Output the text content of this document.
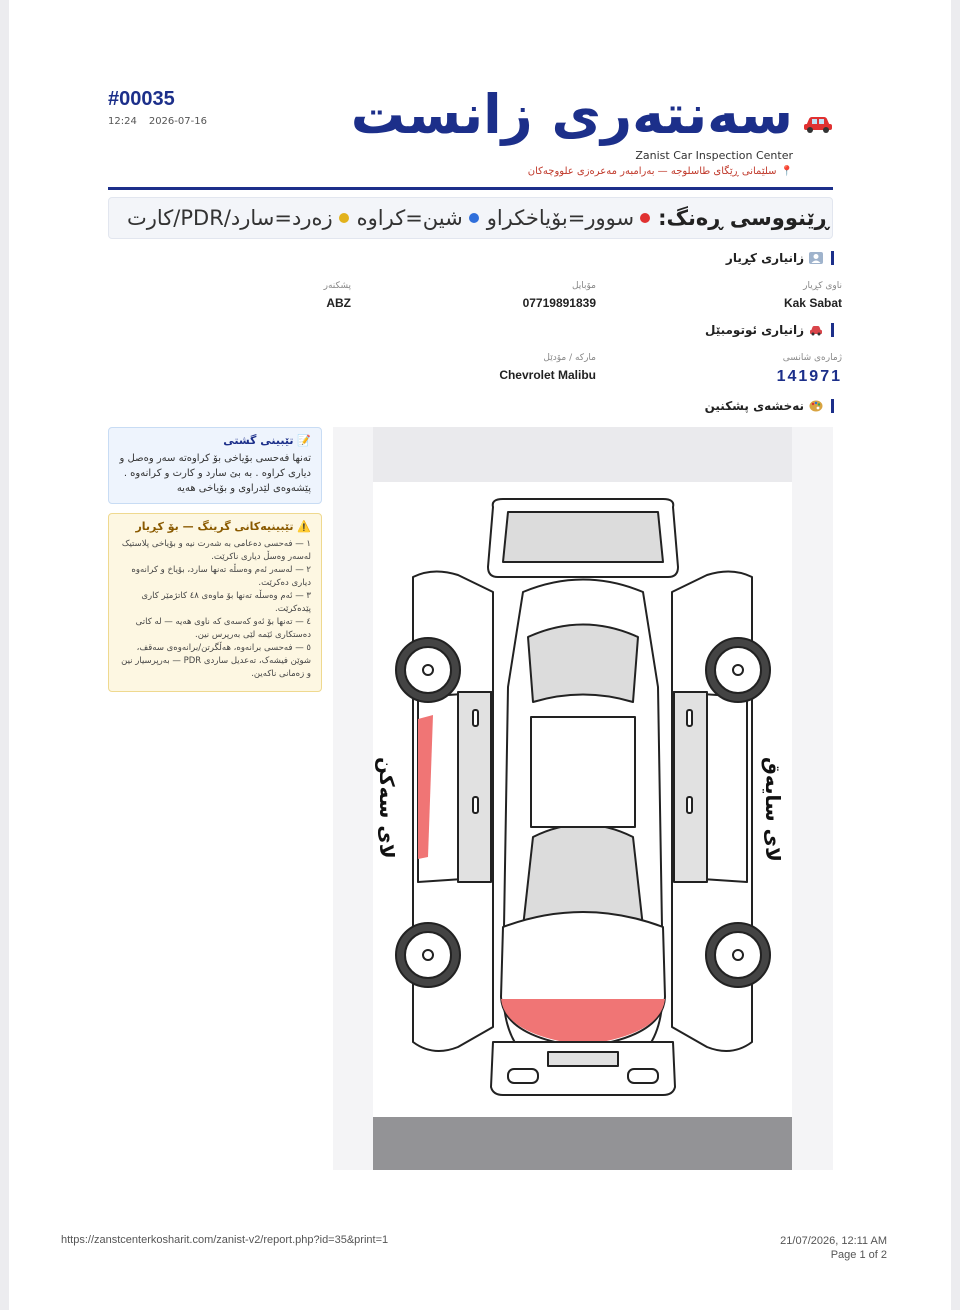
#00035
12:24 2026-07-16	سەنتەری زانست
Zanist Car Inspection Center
📍سلێمانی ڕێگای طاسلوجه — بەرامبەر مەعرەزی علووچەکان
ڕێنووسی ڕەنگ:
سوور=بۆیاخکراو
شین=کراوە
زەرد=سارد/PDR/کارت
زانیاری کڕیار
ناوی کڕیار
Kak Sabat
مۆبایل
07719891839
پشکنەر
ABZ
زانیاری ئوتومبێل
ژمارەی شانسی
141971
مارکە / مۆدێل
Chevrolet Malibu
نەخشەی پشکنین
📝 تێبینی گشتی

تەنها فەحسی بۆیاخی بۆ کراوەتە سەر وەصل و دیاری کراوە . بە بێ سارد و کارت و کرانەوە . پێشەوەی لێدراوی و بۆیاخی هەیە

⚠️ تێبینیەکانی گرینگ — بۆ کڕیار

١ — فەحسی دەعامی بە شەرت نیە و بۆیاخی پلاستیک لەسەر وەسڵ دیاری ناکرێت.

٢ — لەسەر ئەم وەسڵە تەنها سارد، بۆیاخ و کرانەوە دیاری دەکرێت.

٣ — ئەم وەسڵە تەنها بۆ ماوەی ٤٨ کاتژمێر کاری پێدەکرێت.

٤ — تەنها بۆ ئەو کەسەی کە ناوی هەیە — لە کاتی دەستکاری ئێمە لێی بەرپرس نین.

٥ — فەحسی برانەوە، هەڵگرتن/برانەوەی سەقف، شوێن فیشەک، تەعدیل ساردی PDR — بەرپرسیار نین و زەمانی ناکەین.

لای سەکن	لای سایەق
https://zanstcenterkosharit.com/zanist-v2/report.php?id=35&print=1	21/07/2026, 12:11 AM
Page 1 of 2
